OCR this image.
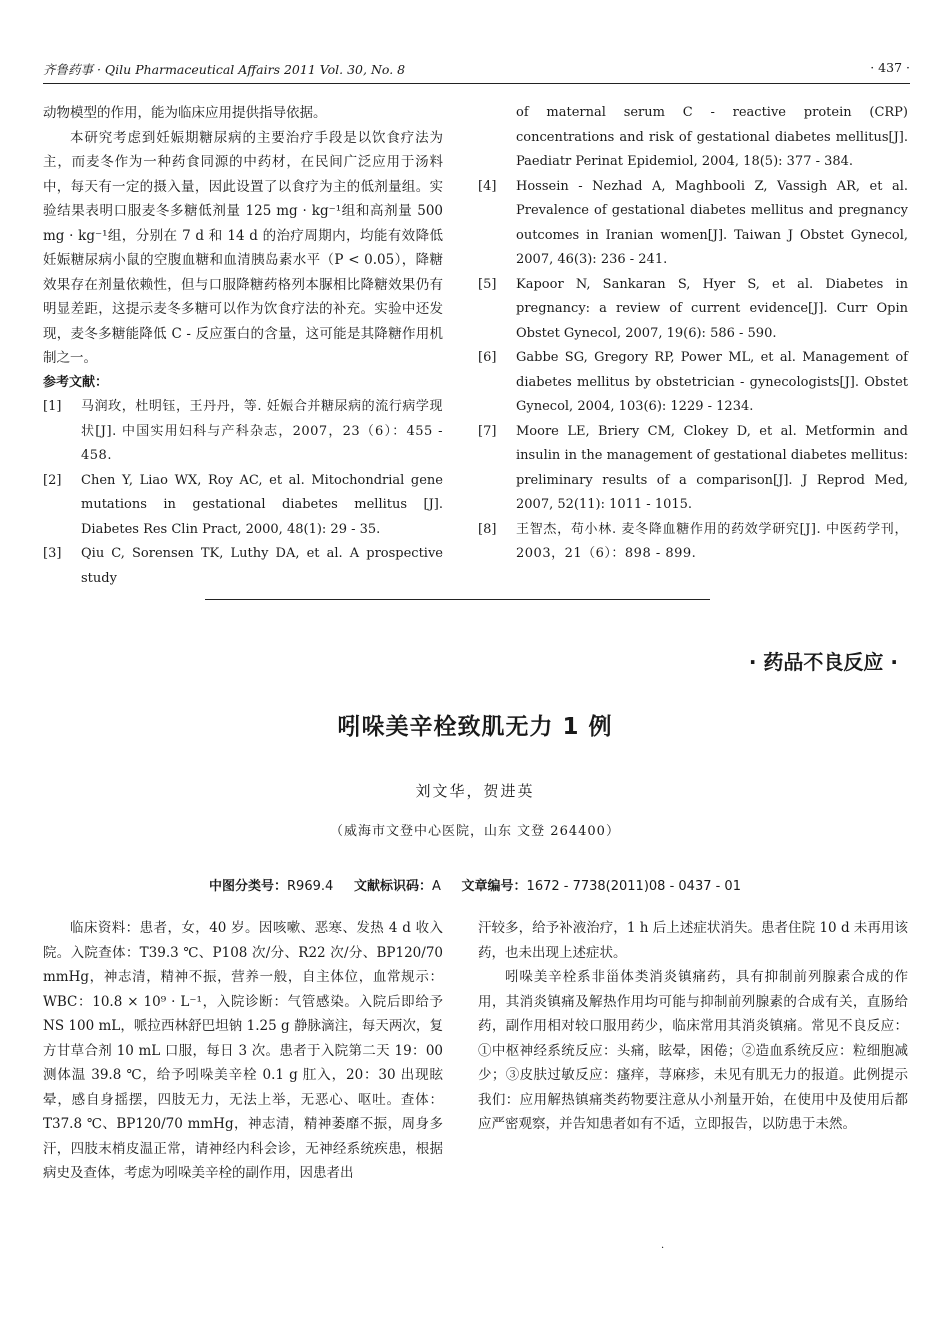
齐鲁药事 · Qilu Pharmaceutical Affairs 2011 Vol. 30, No. 8	· 437 ·

动物模型的作用，能为临床应用提供指导依据。

本研究考虑到妊娠期糖尿病的主要治疗手段是以饮食疗法为主，而麦冬作为一种药食同源的中药材，在民间广泛应用于汤料中，每天有一定的摄入量，因此设置了以食疗为主的低剂量组。实验结果表明口服麦冬多糖低剂量 125 mg · kg⁻¹组和高剂量 500 mg · kg⁻¹组，分别在 7 d 和 14 d 的治疗周期内，均能有效降低妊娠糖尿病小鼠的空腹血糖和血清胰岛素水平（P < 0.05），降糖效果存在剂量依赖性，但与口服降糖药格列本脲相比降糖效果仍有明显差距，这提示麦冬多糖可以作为饮食疗法的补充。实验中还发现，麦冬多糖能降低 C - 反应蛋白的含量，这可能是其降糖作用机制之一。

参考文献：

[1]	马润玫，杜明钰，王丹丹，等. 妊娠合并糖尿病的流行病学现状[J]. 中国实用妇科与产科杂志，2007，23（6）：455 - 458.
[2]	Chen Y, Liao WX, Roy AC, et al. Mitochondrial gene mutations in gestational diabetes mellitus [J]. Diabetes Res Clin Pract, 2000, 48(1): 29 - 35.
[3]	Qiu C, Sorensen TK, Luthy DA, et al. A prospective study
of maternal serum C - reactive protein (CRP) concentrations and risk of gestational diabetes mellitus[J]. Paediatr Perinat Epidemiol, 2004, 18(5): 377 - 384.
[4]	Hossein - Nezhad A, Maghbooli Z, Vassigh AR, et al. Prevalence of gestational diabetes mellitus and pregnancy outcomes in Iranian women[J]. Taiwan J Obstet Gynecol, 2007, 46(3): 236 - 241.
[5]	Kapoor N, Sankaran S, Hyer S, et al. Diabetes in pregnancy: a review of current evidence[J]. Curr Opin Obstet Gynecol, 2007, 19(6): 586 - 590.
[6]	Gabbe SG, Gregory RP, Power ML, et al. Management of diabetes mellitus by obstetrician - gynecologists[J]. Obstet Gynecol, 2004, 103(6): 1229 - 1234.
[7]	Moore LE, Briery CM, Clokey D, et al. Metformin and insulin in the management of gestational diabetes mellitus: preliminary results of a comparison[J]. J Reprod Med, 2007, 52(11): 1011 - 1015.
[8]	王智杰，苟小林. 麦冬降血糖作用的药效学研究[J]. 中医药学刊，2003，21（6）：898 - 899.
· 药品不良反应 ·
吲哚美辛栓致肌无力 1 例
刘文华，贺进英
（威海市文登中心医院，山东 文登 264400）
中图分类号：R969.4 文献标识码：A 文章编号：1672 - 7738(2011)08 - 0437 - 01

临床资料：患者，女，40 岁。因咳嗽、恶寒、发热 4 d 收入院。入院查体：T39.3 ℃、P108 次/分、R22 次/分、BP120/70 mmHg，神志清，精神不振，营养一般，自主体位，血常规示：WBC：10.8 × 10⁹ · L⁻¹，入院诊断：气管感染。入院后即给予 NS 100 mL，哌拉西林舒巴坦钠 1.25 g 静脉滴注，每天两次，复方甘草合剂 10 mL 口服，每日 3 次。患者于入院第二天 19：00 测体温 39.8 ℃，给予吲哚美辛栓 0.1 g 肛入，20：30 出现眩晕，感自身摇摆，四肢无力，无法上举，无恶心、呕吐。查体：T37.8 ℃、BP120/70 mmHg，神志清，精神萎靡不振，周身多汗，四肢末梢皮温正常，请神经内科会诊，无神经系统疾患，根据病史及查体，考虑为吲哚美辛栓的副作用，因患者出

汗较多，给予补液治疗，1 h 后上述症状消失。患者住院 10 d 未再用该药，也未出现上述症状。

吲哚美辛栓系非甾体类消炎镇痛药，具有抑制前列腺素合成的作用，其消炎镇痛及解热作用均可能与抑制前列腺素的合成有关，直肠给药，副作用相对较口服用药少，临床常用其消炎镇痛。常见不良反应：①中枢神经系统反应：头痛，眩晕，困倦；②造血系统反应：粒细胞减少；③皮肤过敏反应：瘙痒，荨麻疹，未见有肌无力的报道。此例提示我们：应用解热镇痛类药物要注意从小剂量开始，在使用中及使用后都应严密观察，并告知患者如有不适，立即报告，以防患于未然。

·
